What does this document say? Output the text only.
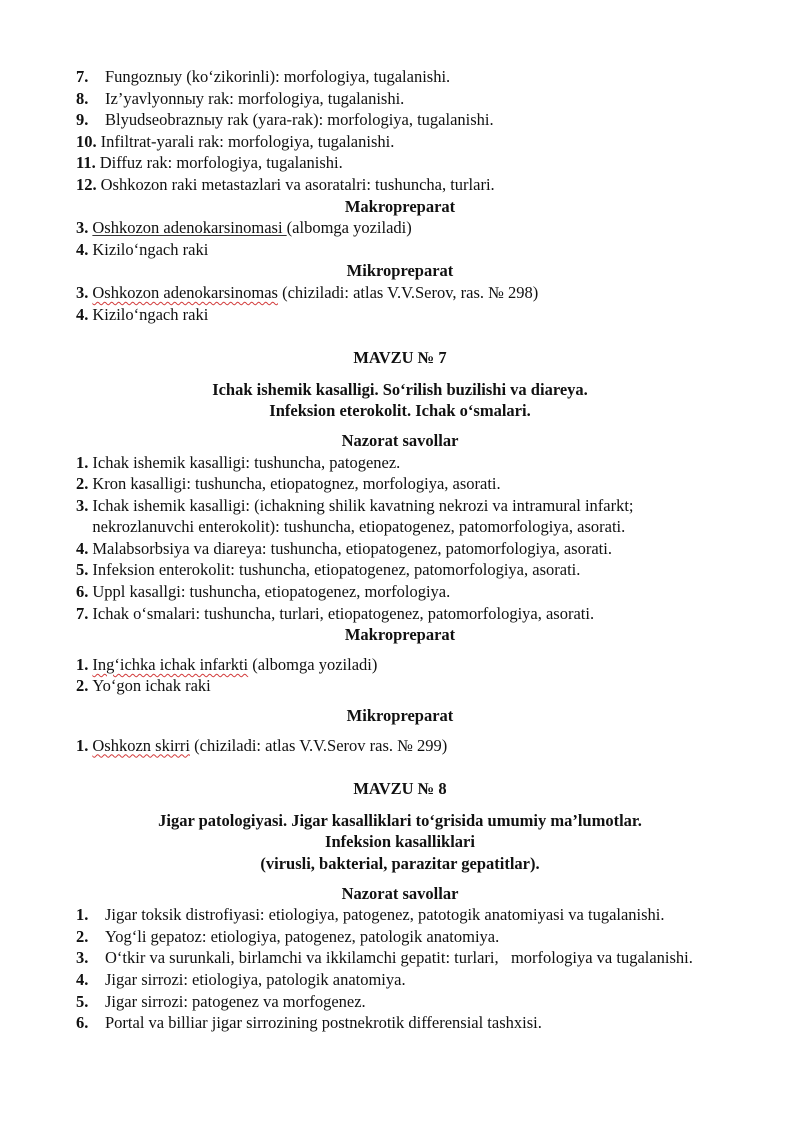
7.	Fungoznыу (ko‘zikorinli): morfologiya, tugalanishi.
8.	Iz’yavlyonnыу rak: morfologiya, tugalanishi.
9.	Blyudseobraznыу rak (yara-rak): morfologiya, tugalanishi.
10. Infiltrat-yarali rak: morfologiya, tugalanishi.
11. Diffuz rak: morfologiya, tugalanishi.
12. Oshkozon raki metastazlari va asoratalri: tushuncha, turlari.
Makropreparat
3. Oshkozon adenokarsinomasi (albomga yoziladi)
4. Kizilo‘ngach raki
Mikropreparat
3. Oshkozon adenokarsinomas (chiziladi: atlas V.V.Serov, ras. № 298)
4. Kizilo‘ngach raki
MAVZU № 7
Ichak ishemik kasalligi. So‘rilish buzilishi va diareya.
Infeksion eterokolit. Ichak o‘smalari.
Nazorat savollar
1. Ichak ishemik kasalligi: tushuncha, patogenez.
2. Kron kasalligi: tushuncha, etiopatognez, morfologiya, asorati.
3. Ichak ishemik kasalligi: (ichakning shilik kavatning nekrozi va intramural infarkt;
nekrozlanuvchi enterokolit): tushuncha, etiopatogenez, patomorfologiya, asorati.
4. Malabsorbsiya va diareya: tushuncha, etiopatogenez, patomorfologiya, asorati.
5. Infeksion enterokolit: tushuncha, etiopatogenez, patomorfologiya, asorati.
6. Uppl kasallgi: tushuncha, etiopatogenez, morfologiya.
7. Ichak o‘smalari: tushuncha, turlari, etiopatogenez, patomorfologiya, asorati.
Makropreparat
1. Ing‘ichka ichak infarkti (albomga yoziladi)
2. Yo‘gon ichak raki
Mikropreparat
1. Oshkozn skirri (chiziladi: atlas V.V.Serov ras. № 299)
MAVZU № 8
Jigar patologiyasi. Jigar kasalliklari to‘grisida umumiy ma’lumotlar.
Infeksion kasalliklari
(virusli, bakterial, parazitar gepatitlar).
Nazorat savollar
1.	Jigar toksik distrofiyasi: etiologiya, patogenez, patotogik anatomiyasi va tugalanishi.
2.	Yog‘li gepatoz: etiologiya, patogenez, patologik anatomiya.
3.	O‘tkir va surunkali, birlamchi va ikkilamchi gepatit: turlari,   morfologiya va tugalanishi.
4.	Jigar sirrozi: etiologiya, patologik anatomiya.
5.	Jigar sirrozi: patogenez va morfogenez.
6.	Portal va billiar jigar sirrozining postnekrotik differensial tashxisi.
